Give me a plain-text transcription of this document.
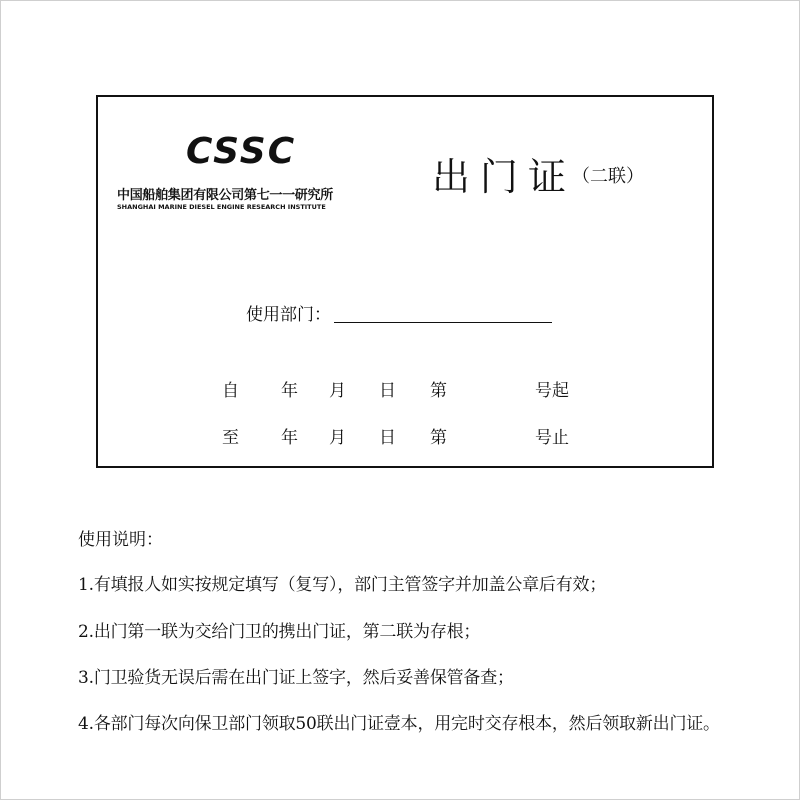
CSSC
中国船舶集团有限公司第七一一研究所
SHANGHAI MARINE DIESEL ENGINE RESEARCH INSTITUTE
出门证
（二联）
使用部门：
自 年 月 日 第	号起
至 年 月 日 第	号止
使用说明：
1.有填报人如实按规定填写（复写），部门主管签字并加盖公章后有效；
2.出门第一联为交给门卫的携出门证，第二联为存根；
3.门卫验货无误后需在出门证上签字，然后妥善保管备查；
4.各部门每次向保卫部门领取50联出门证壹本，用完时交存根本，然后领取新出门证。
